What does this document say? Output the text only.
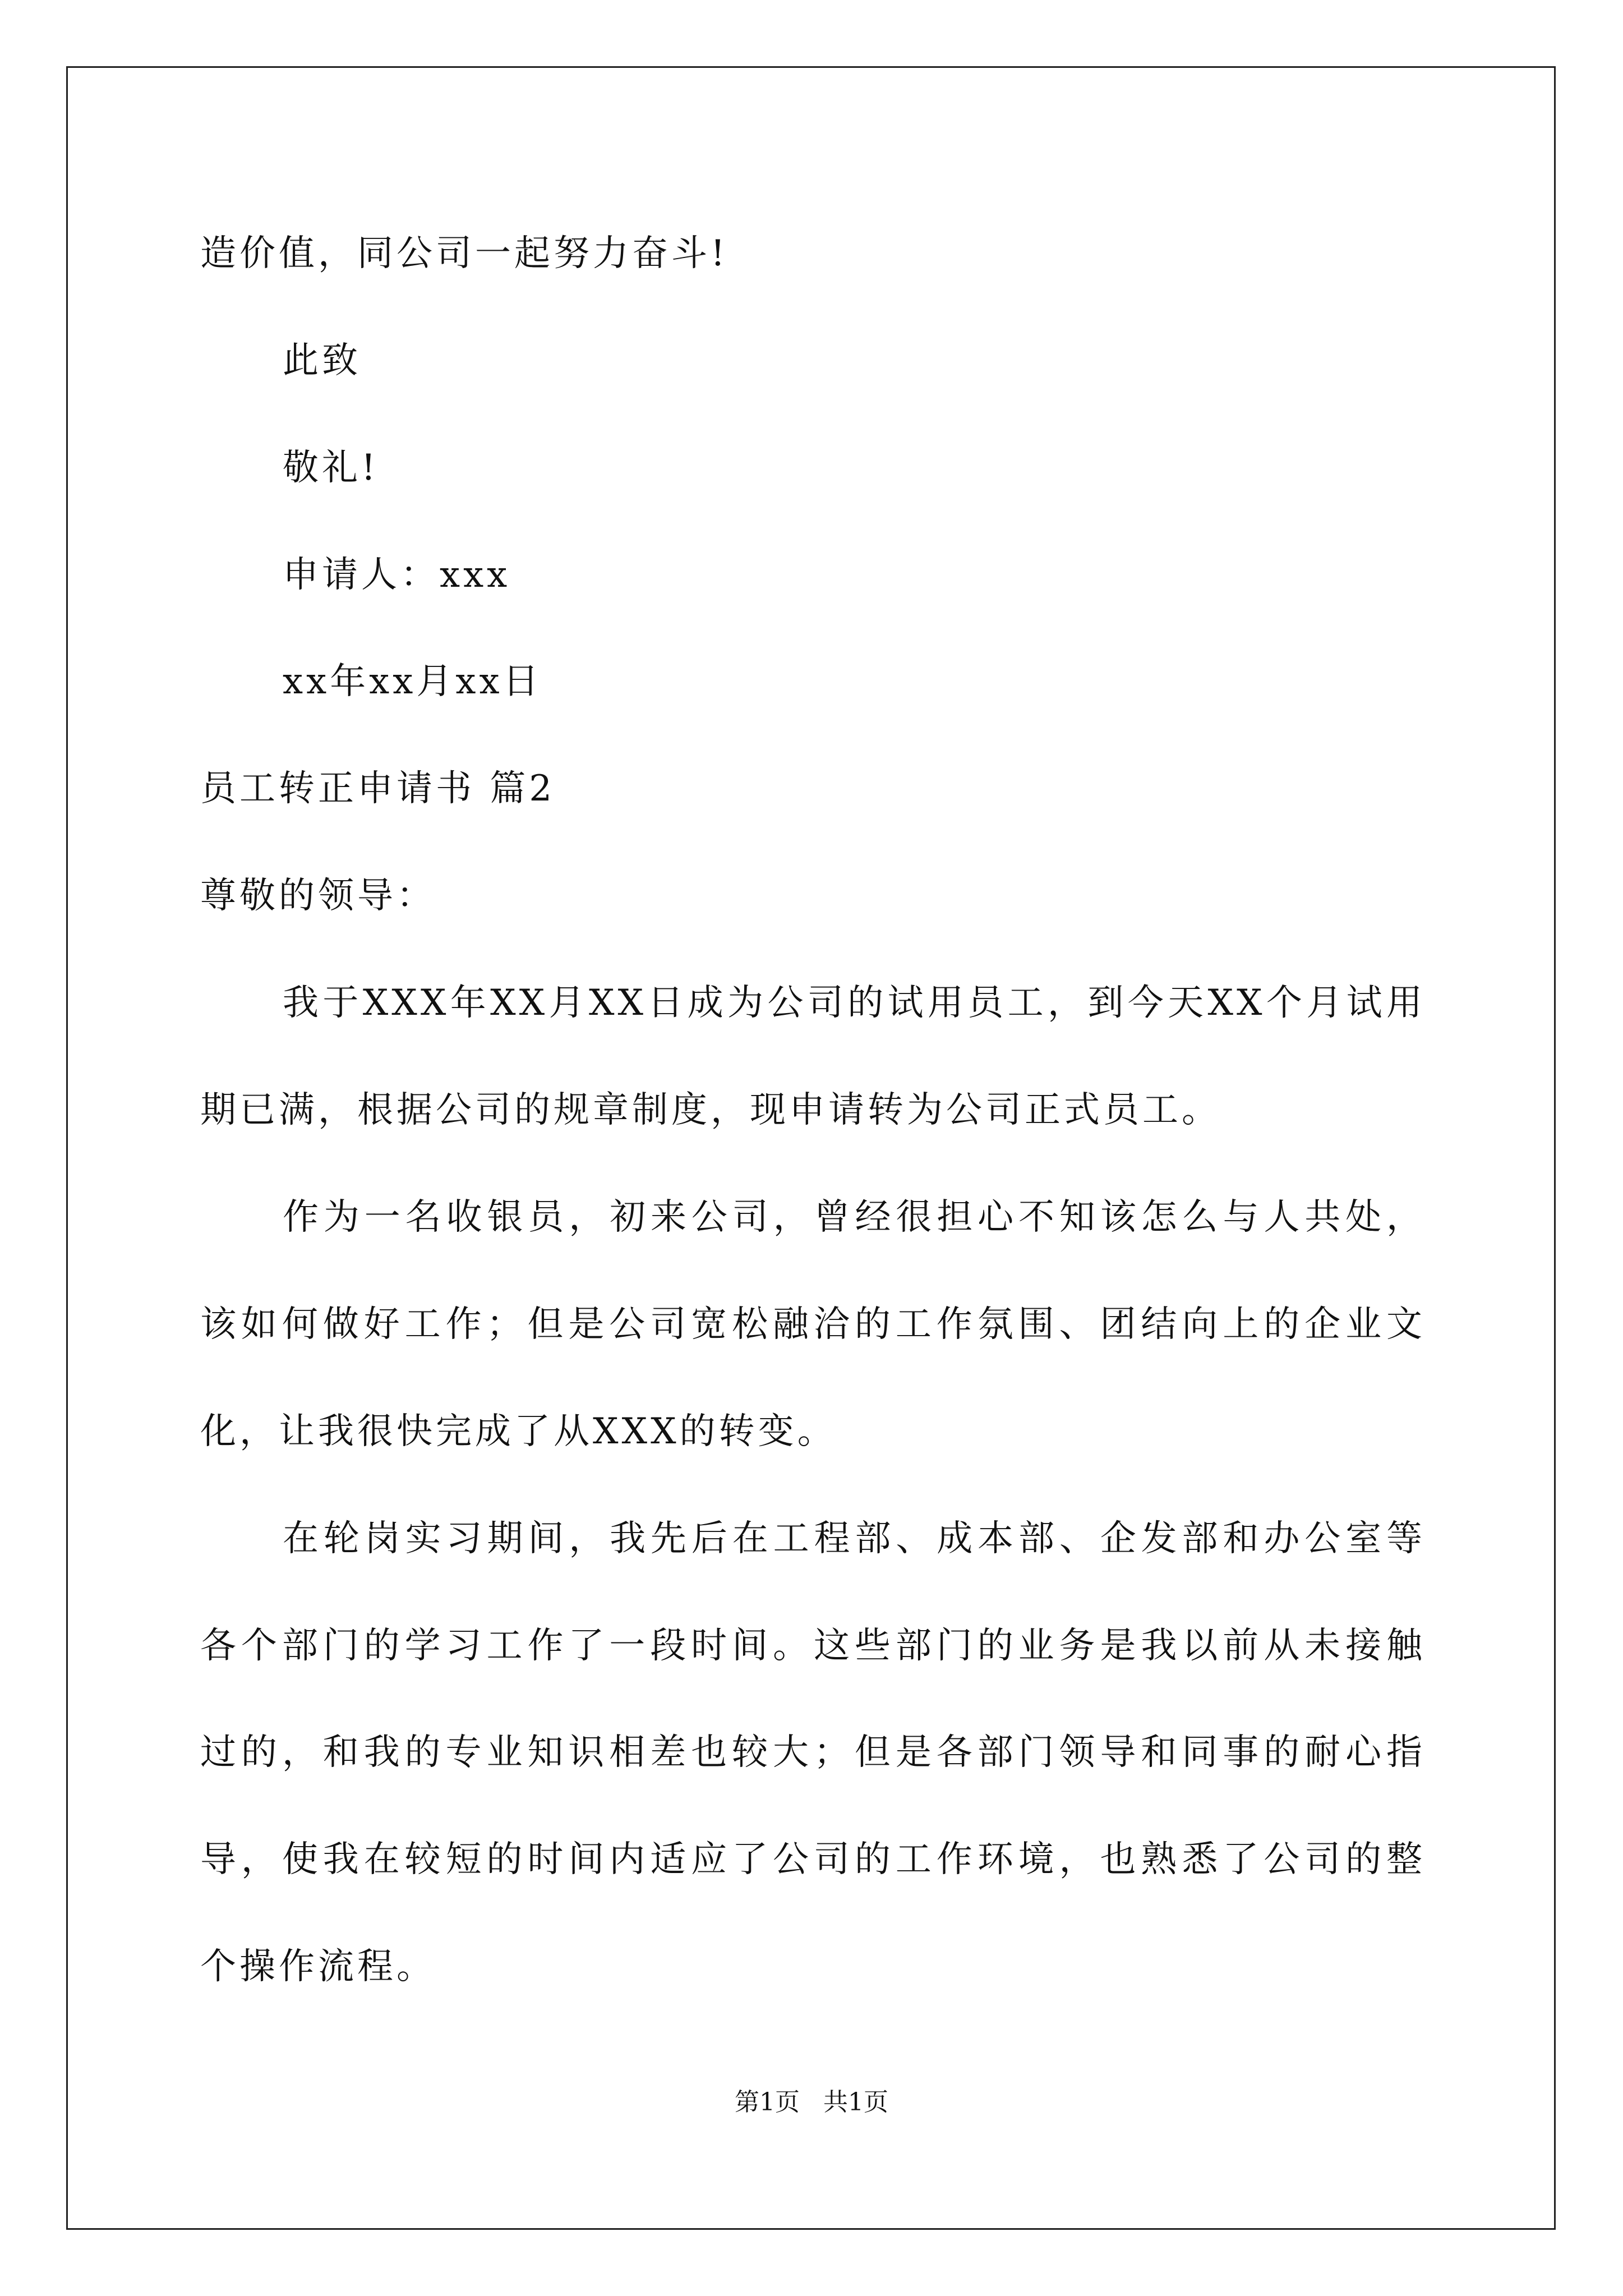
造价值，同公司一起努力奋斗!
此致
敬礼!
申请人：xxx
xx年xx月xx日
员工转正申请书 篇2
尊敬的领导：
我于XXX年XX月XX日成为公司的试用员工，到今天XX个月试用
期已满，根据公司的规章制度，现申请转为公司正式员工。
作为一名收银员，初来公司，曾经很担心不知该怎么与人共处，
该如何做好工作；但是公司宽松融洽的工作氛围、团结向上的企业文
化，让我很快完成了从XXX的转变。
在轮岗实习期间，我先后在工程部、成本部、企发部和办公室等
各个部门的学习工作了一段时间。这些部门的业务是我以前从未接触
过的，和我的专业知识相差也较大；但是各部门领导和同事的耐心指
导，使我在较短的时间内适应了公司的工作环境，也熟悉了公司的整
个操作流程。
第1页   共1页
